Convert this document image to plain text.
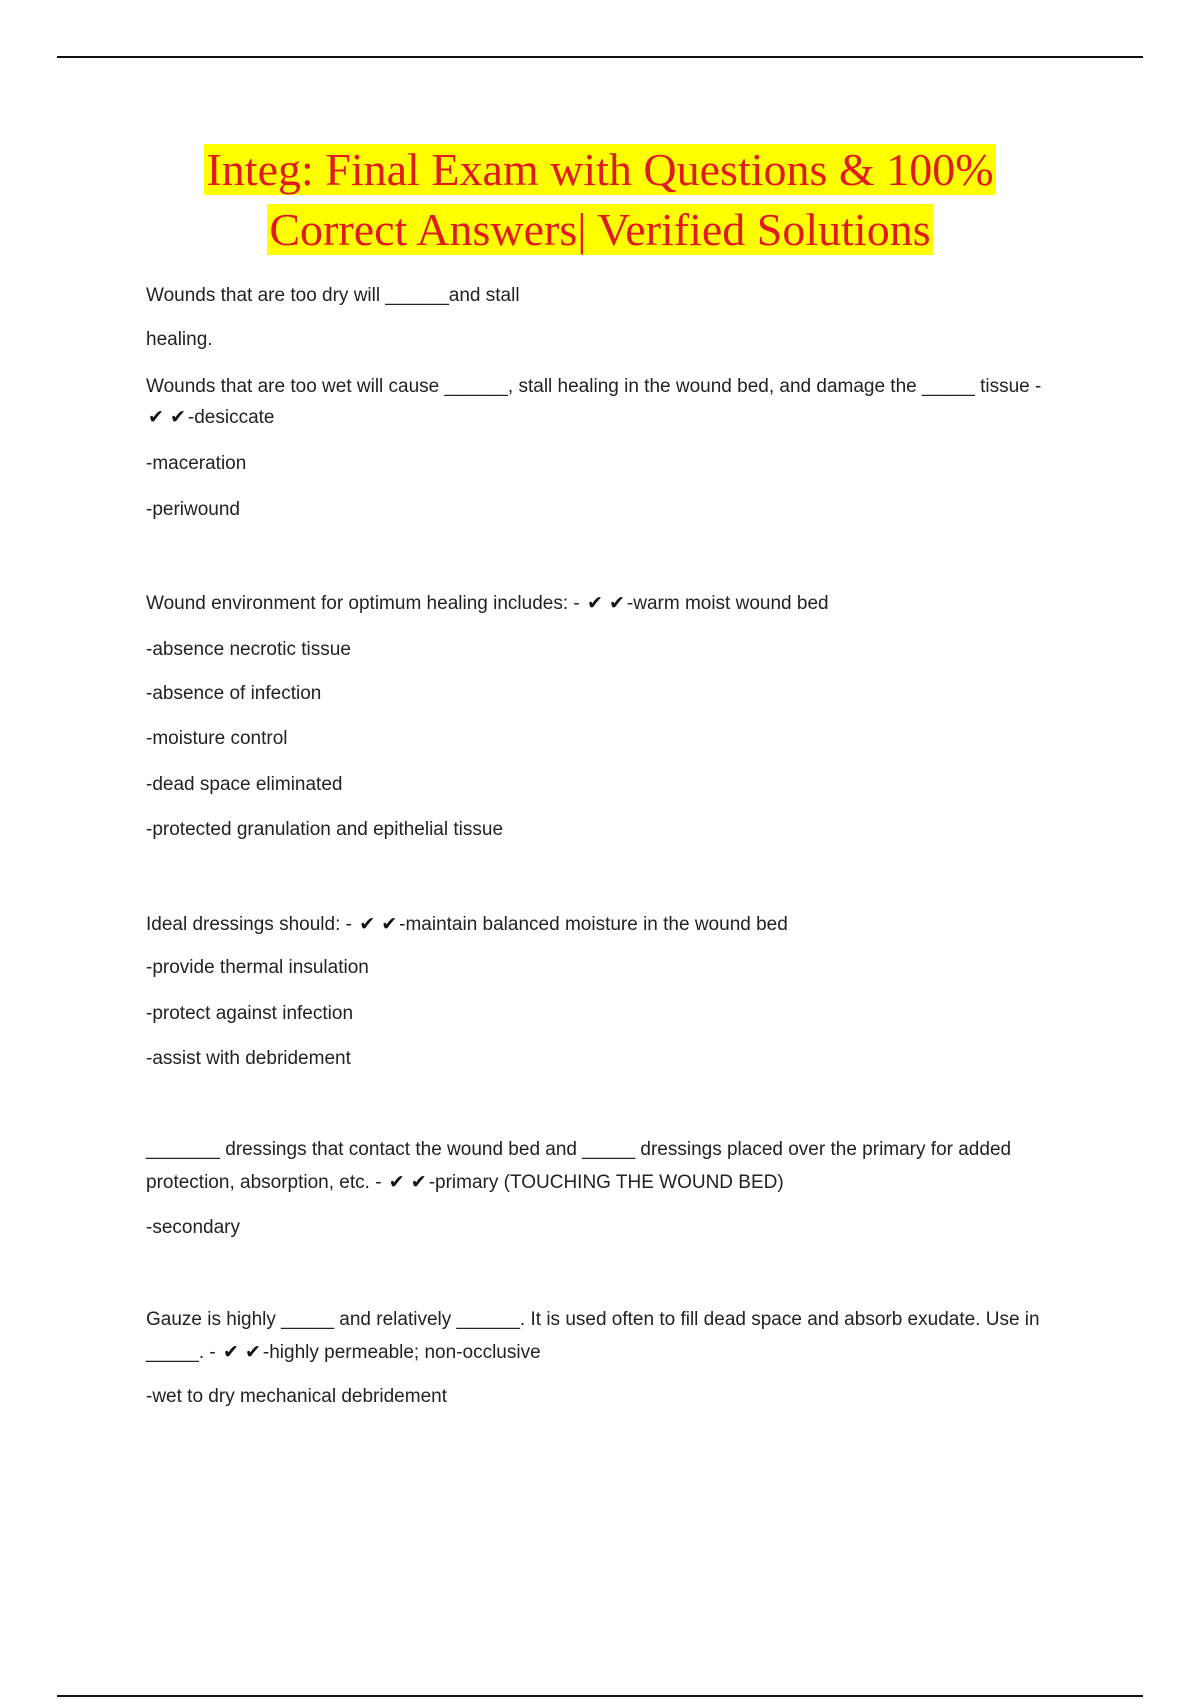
Integ: Final Exam with Questions & 100%
Correct Answers| Verified Solutions
Wounds that are too dry will ______and stall
healing.
Wounds that are too wet will cause ______, stall healing in the wound bed, and damage the _____ tissue -
✔ ✔ -desiccate
-maceration
-periwound
Wound environment for optimum healing includes: - ✔ ✔ -warm moist wound bed
-absence necrotic tissue
-absence of infection
-moisture control
-dead space eliminated
-protected granulation and epithelial tissue
Ideal dressings should: - ✔ ✔ -maintain balanced moisture in the wound bed
-provide thermal insulation
-protect against infection
-assist with debridement
_______ dressings that contact the wound bed and _____ dressings placed over the primary for added
protection, absorption, etc. - ✔ ✔ -primary (TOUCHING THE WOUND BED)
-secondary
Gauze is highly _____ and relatively ______. It is used often to fill dead space and absorb exudate. Use in
_____. - ✔ ✔ -highly permeable; non-occlusive
-wet to dry mechanical debridement
